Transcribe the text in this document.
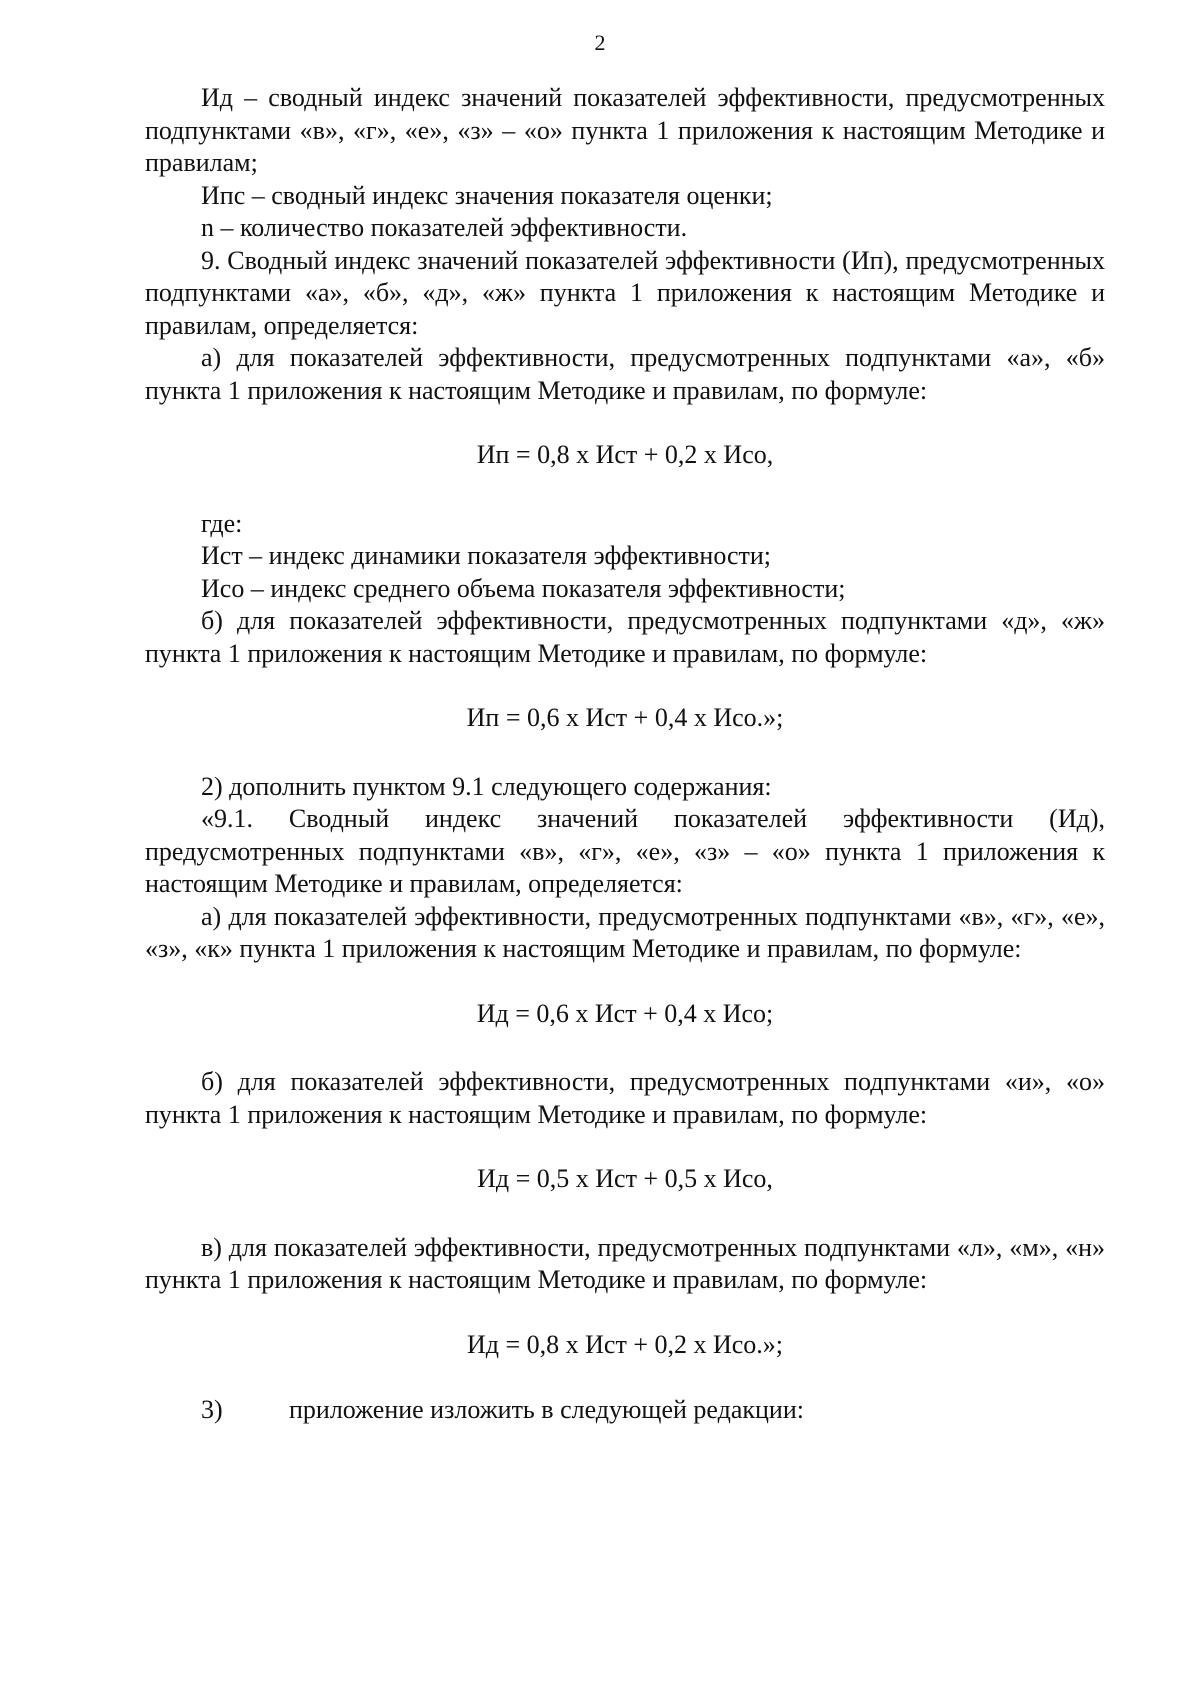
2

Ид – сводный индекс значений показателей эффективности, предусмотренных подпунктами «в», «г», «е», «з» – «о» пункта 1 приложения к настоящим Методике и правилам;

Ипс – сводный индекс значения показателя оценки;

n – количество показателей эффективности.

9. Сводный индекс значений показателей эффективности (Ип), предусмотренных подпунктами «а», «б», «д», «ж» пункта 1 приложения к настоящим Методике и правилам, определяется:

а) для показателей эффективности, предусмотренных подпунктами «а», «б» пункта 1 приложения к настоящим Методике и правилам, по формуле:

Ип = 0,8 x Ист + 0,2 x Исо,

где:

Ист – индекс динамики показателя эффективности;

Исо – индекс среднего объема показателя эффективности;

б) для показателей эффективности, предусмотренных подпунктами «д», «ж» пункта 1 приложения к настоящим Методике и правилам, по формуле:

Ип = 0,6 x Ист + 0,4 x Исо.»;

2) дополнить пунктом 9.1 следующего содержания:

«9.1. Сводный индекс значений показателей эффективности (Ид), предусмотренных подпунктами «в», «г», «е», «з» – «о» пункта 1 приложения к настоящим Методике и правилам, определяется:

а) для показателей эффективности, предусмотренных подпунктами «в», «г», «е», «з», «к» пункта 1 приложения к настоящим Методике и правилам, по формуле:

Ид = 0,6 x Ист + 0,4 x Исо;

б) для показателей эффективности, предусмотренных подпунктами «и», «о» пункта 1 приложения к настоящим Методике и правилам, по формуле:

Ид = 0,5 x Ист + 0,5 x Исо,

в) для показателей эффективности, предусмотренных подпунктами «л», «м», «н» пункта 1 приложения к настоящим Методике и правилам, по формуле:

Ид = 0,8 x Ист + 0,2 x Исо.»;

3)	приложение изложить в следующей редакции:
